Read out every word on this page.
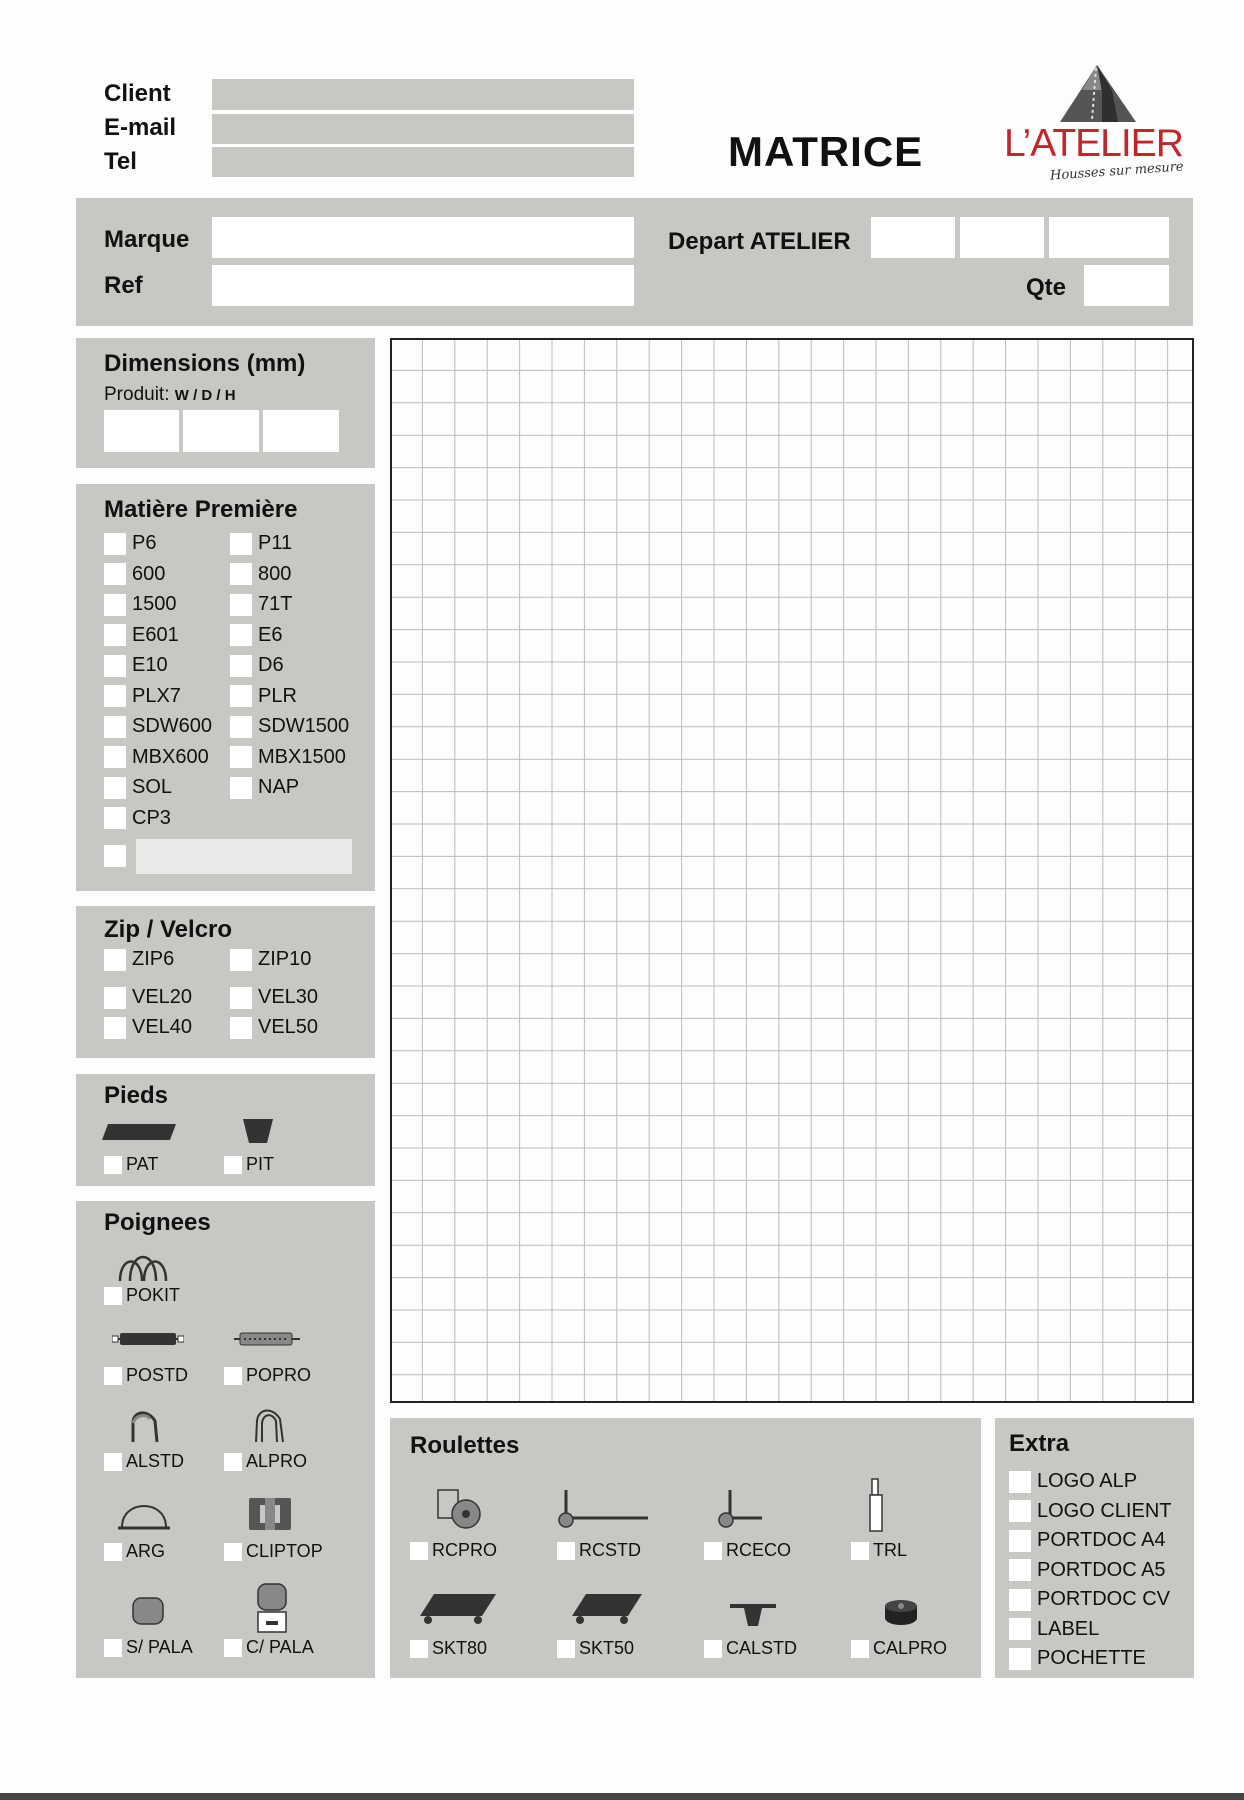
Client
E-mail
Tel	MATRICE L’ATELIER
Housses sur mesure
Marque
Ref
Depart ATELIER
Qte
Dimensions (mm)
Produit: W / D / H
Matière Première
P6	P11
600	800
1500	71T
E601	E6
E10	D6
PLX7	PLR
SDW600 SDW1500
MBX600 MBX1500
SOL	NAP
CP3
Zip / Velcro
ZIP6	ZIP10
VEL20	VEL30
VEL40	VEL50
Pieds
PAT	PIT
Poignees
POKIT
POSTD	POPRO
ALSTD	ALPRO
ARG	CLIPTOP
S/ PALA	C/ PALA
Roulettes
RCPRO	RCSTD	RCECO	TRL
SKT80	SKT50	CALSTD	CALPRO
Extra
LOGO ALP
LOGO CLIENT
PORTDOC A4
PORTDOC A5
PORTDOC CV
LABEL
POCHETTE
